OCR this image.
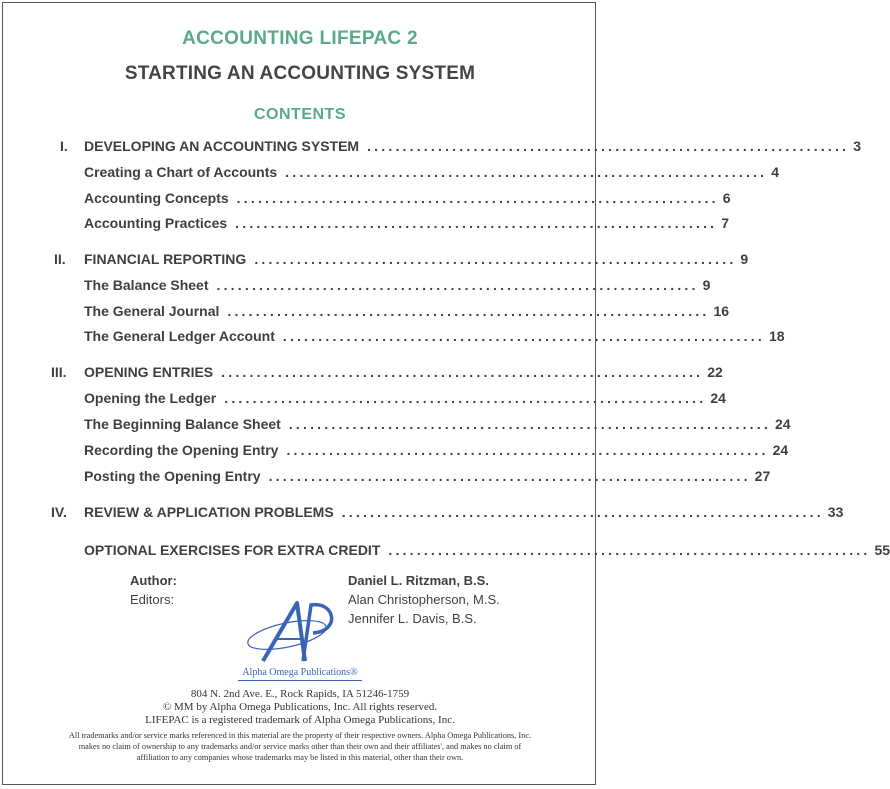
ACCOUNTING LIFEPAC 2
STARTING AN ACCOUNTING SYSTEM
CONTENTS
I. DEVELOPING AN ACCOUNTING SYSTEM .................................................................... 3
Creating a Chart of Accounts .................................................................... 4
Accounting Concepts .................................................................... 6
Accounting Practices .................................................................... 7
II. FINANCIAL REPORTING .................................................................... 9
The Balance Sheet .................................................................... 9
The General Journal .................................................................... 16
The General Ledger Account .................................................................... 18
III. OPENING ENTRIES .................................................................... 22
Opening the Ledger .................................................................... 24
The Beginning Balance Sheet .................................................................... 24
Recording the Opening Entry .................................................................... 24
Posting the Opening Entry .................................................................... 27
IV. REVIEW & APPLICATION PROBLEMS .................................................................... 33
OPTIONAL EXERCISES FOR EXTRA CREDIT .................................................................... 55
Author:
Editors:
Daniel L. Ritzman, B.S.
Alan Christopherson, M.S.
Jennifer L. Davis, B.S.
Alpha Omega Publications®
804 N. 2nd Ave. E., Rock Rapids, IA 51246-1759
© MM by Alpha Omega Publications, Inc. All rights reserved.
LIFEPAC is a registered trademark of Alpha Omega Publications, Inc.
All trademarks and/or service marks referenced in this material are the property of their respective owners. Alpha Omega Publications, Inc.
makes no claim of ownership to any trademarks and/or service marks other than their own and their affiliates', and makes no claim of
affiliation to any companies whose trademarks may be listed in this material, other than their own.
